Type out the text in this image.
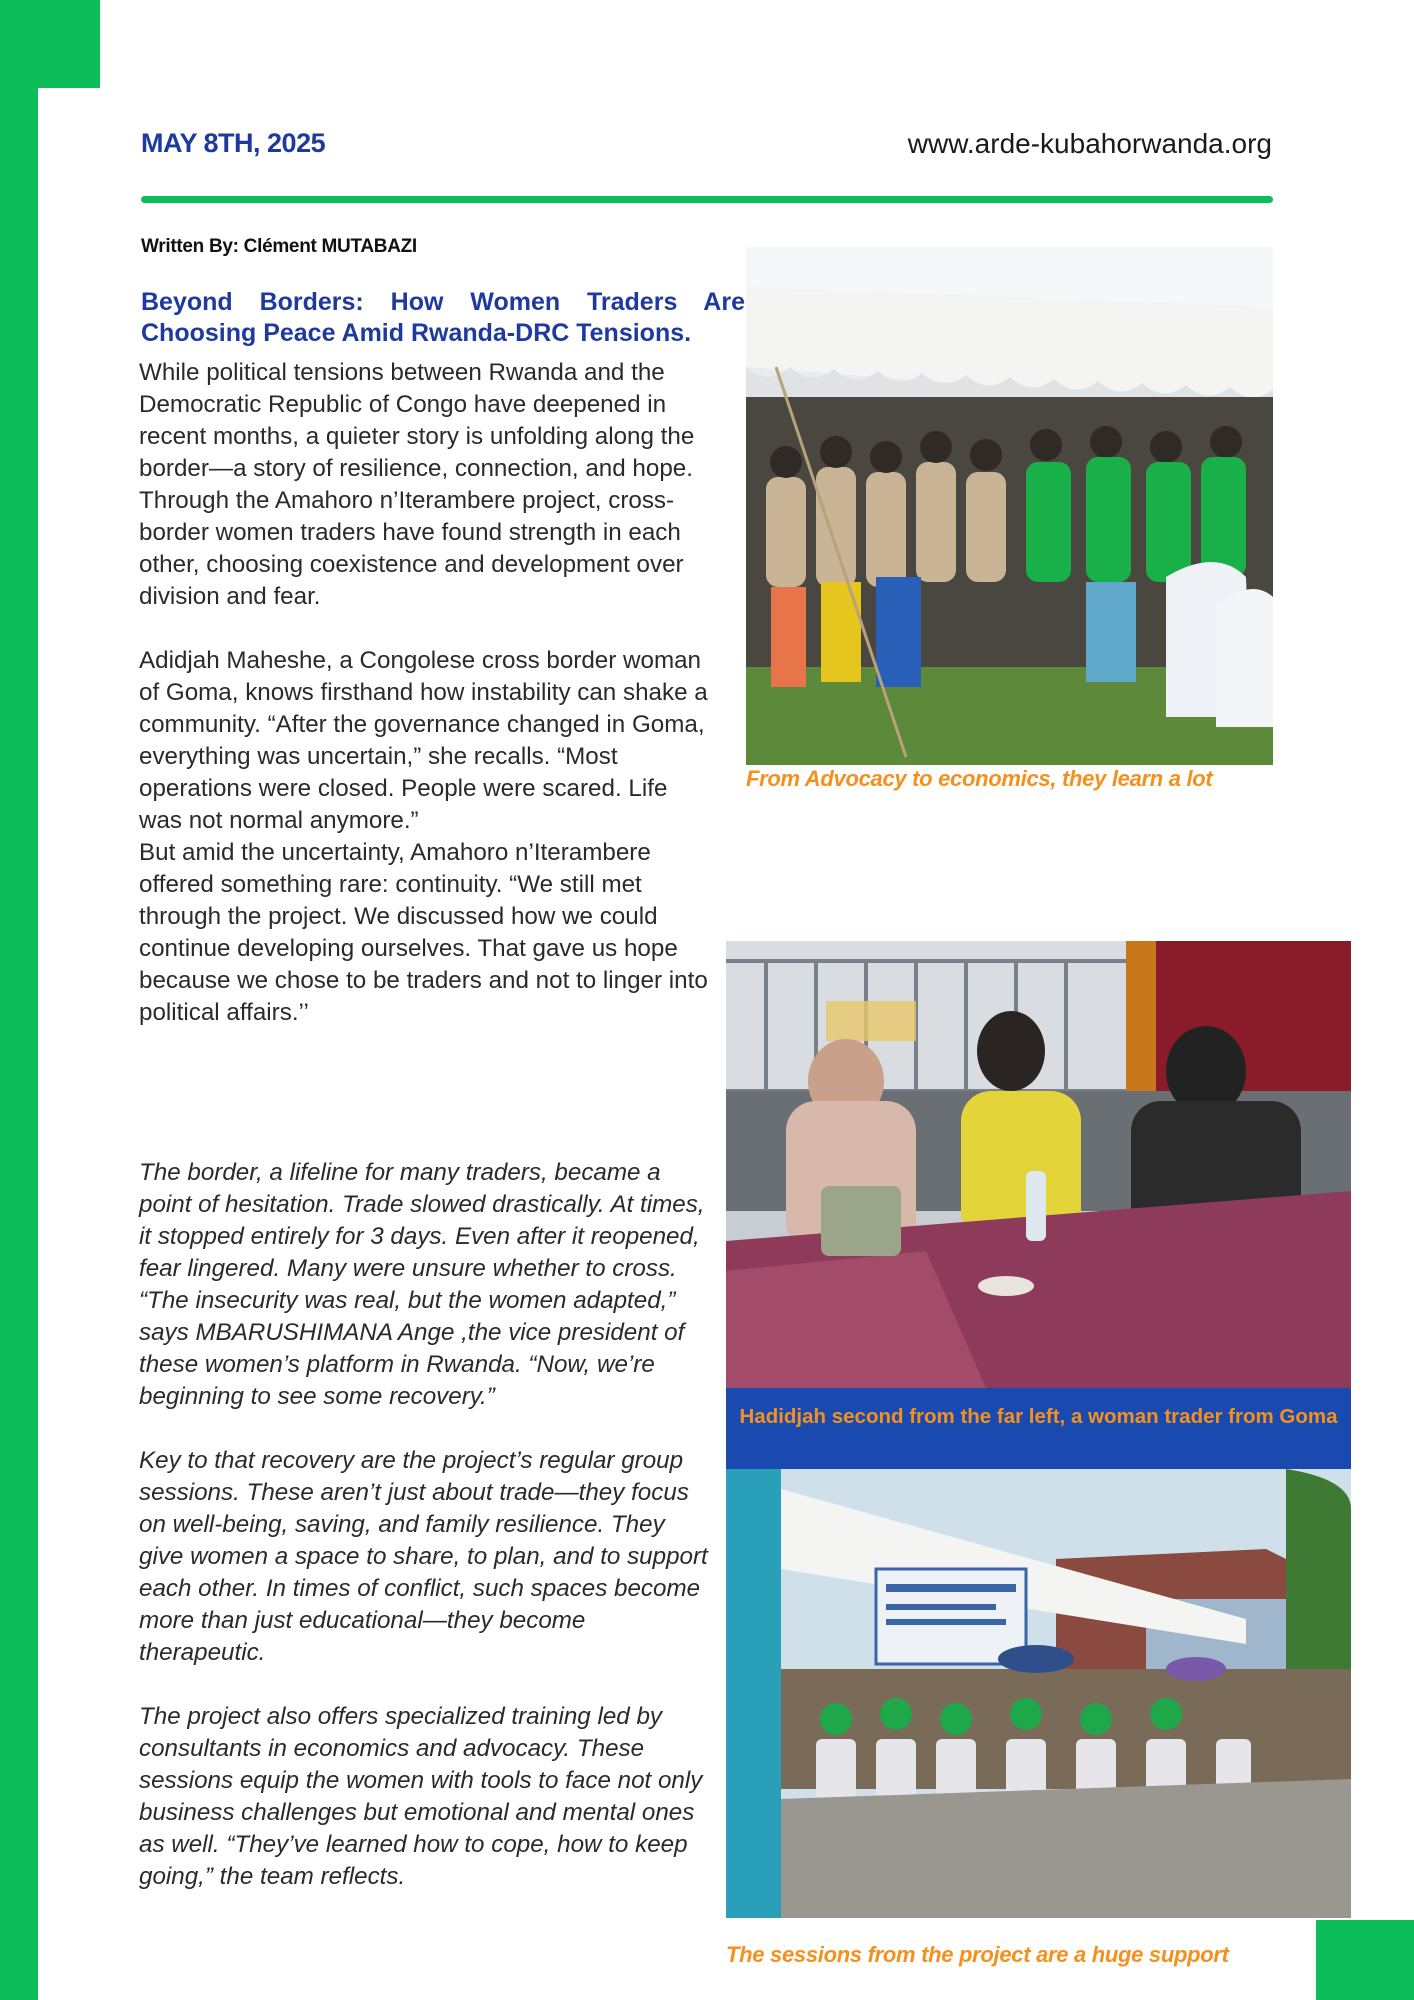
MAY 8TH, 2025	www.arde-kubahorwanda.org
Written By: Clément MUTABAZI
Beyond Borders: How Women Traders Are
Choosing Peace Amid Rwanda-DRC Tensions.

While political tensions between Rwanda and the Democratic Republic of Congo have deepened in recent months, a quieter story is unfolding along the border—a story of resilience, connection, and hope. Through the Amahoro n’Iterambere project, cross-border women traders have found strength in each other, choosing coexistence and development over division and fear.

Adidjah Maheshe, a Congolese cross border woman of Goma, knows firsthand how instability can shake a community. “After the governance changed in Goma, everything was uncertain,” she recalls. “Most operations were closed. People were scared. Life was not normal anymore.”

But amid the uncertainty, Amahoro n’Iterambere offered something rare: continuity. “We still met through the project. We discussed how we could continue developing ourselves. That gave us hope because we chose to be traders and not to linger into political affairs.’’

The border, a lifeline for many traders, became a point of hesitation. Trade slowed drastically. At times, it stopped entirely for 3 days. Even after it reopened, fear lingered. Many were unsure whether to cross. “The insecurity was real, but the women adapted,” says MBARUSHIMANA Ange ,the vice president of these women’s platform in Rwanda. “Now, we’re beginning to see some recovery.”

Key to that recovery are the project’s regular group sessions. These aren’t just about trade—they focus on well-being, saving, and family resilience. They give women a space to share, to plan, and to support each other. In times of conflict, such spaces become more than just educational—they become therapeutic.

The project also offers specialized training led by consultants in economics and advocacy. These sessions equip the women with tools to face not only business challenges but emotional and mental ones as well. “They’ve learned how to cope, how to keep going,” the team reflects.

From Advocacy to economics, they learn a lot
Hadidjah second from the far left, a woman trader from Goma
The sessions from the project are a huge support
